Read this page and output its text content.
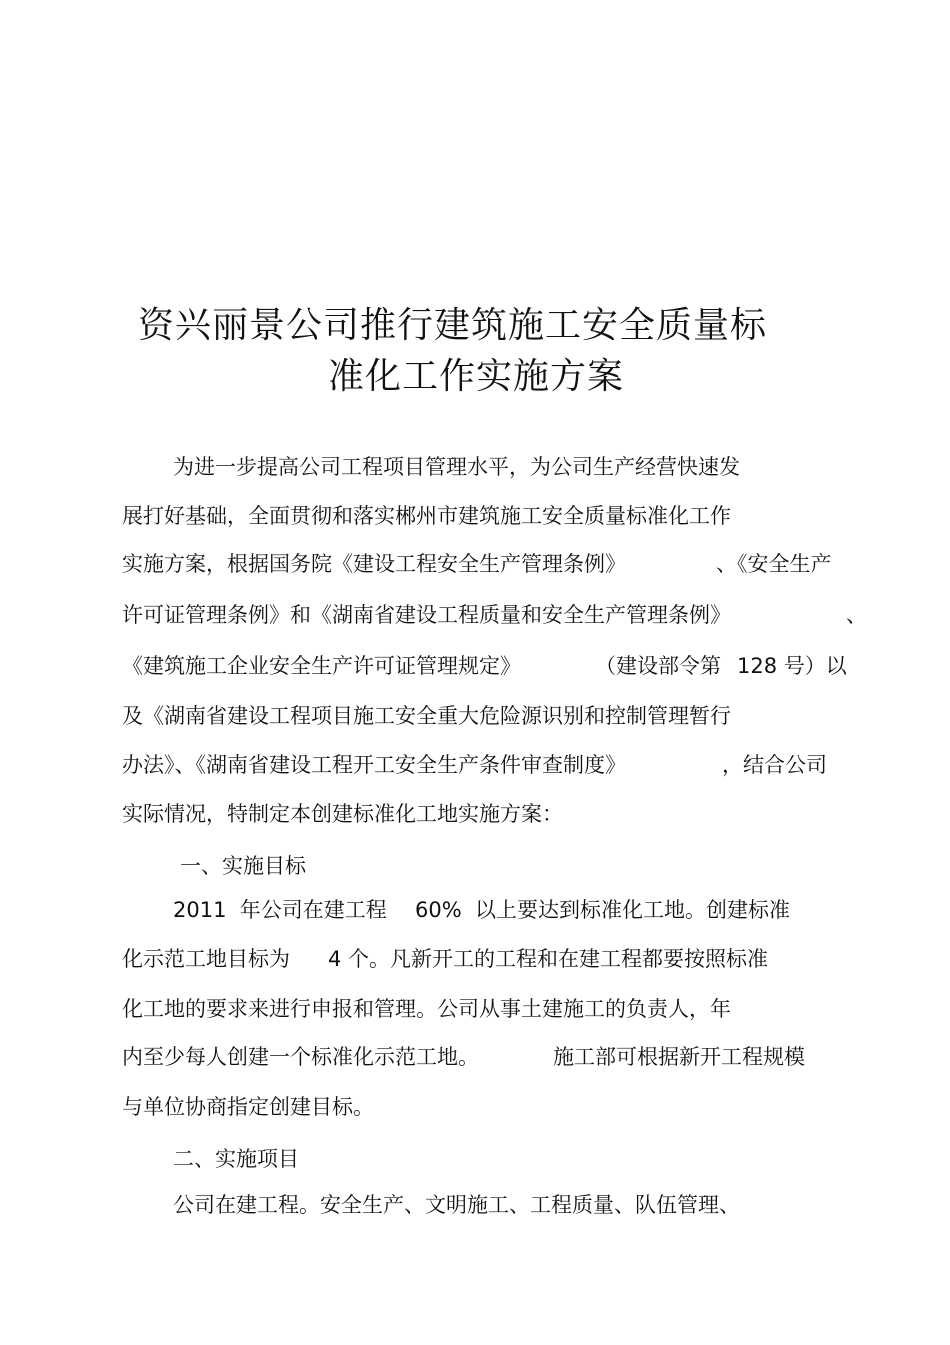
资兴丽景公司推行建筑施工安全质量标
准化工作实施方案
为进一步提高公司工程项目管理水平，为公司生产经营快速发
展打好基础，全面贯彻和落实郴州市建筑施工安全质量标准化工作
实施方案，根据国务院《建设工程安全生产管理条例》	、《安全生产
许可证管理条例》和《湖南省建设工程质量和安全生产管理条例》	、
《建筑施工企业安全生产许可证管理规定》	（建设部令第 128 号）以
及《湖南省建设工程项目施工安全重大危险源识别和控制管理暂行
办法》、《湖南省建设工程开工安全生产条件审查制度》	，结合公司
实际情况，特制定本创建标准化工地实施方案：
一、实施目标
2011  年公司在建工程 60%  以上要达到标准化工地。创建标准
化示范工地目标为 4 个。凡新开工的工程和在建工程都要按照标准
化工地的要求来进行申报和管理。公司从事土建施工的负责人，年
内至少每人创建一个标准化示范工地。	施工部可根据新开工程规模
与单位协商指定创建目标。
二、实施项目
公司在建工程。安全生产、文明施工、工程质量、队伍管理、
